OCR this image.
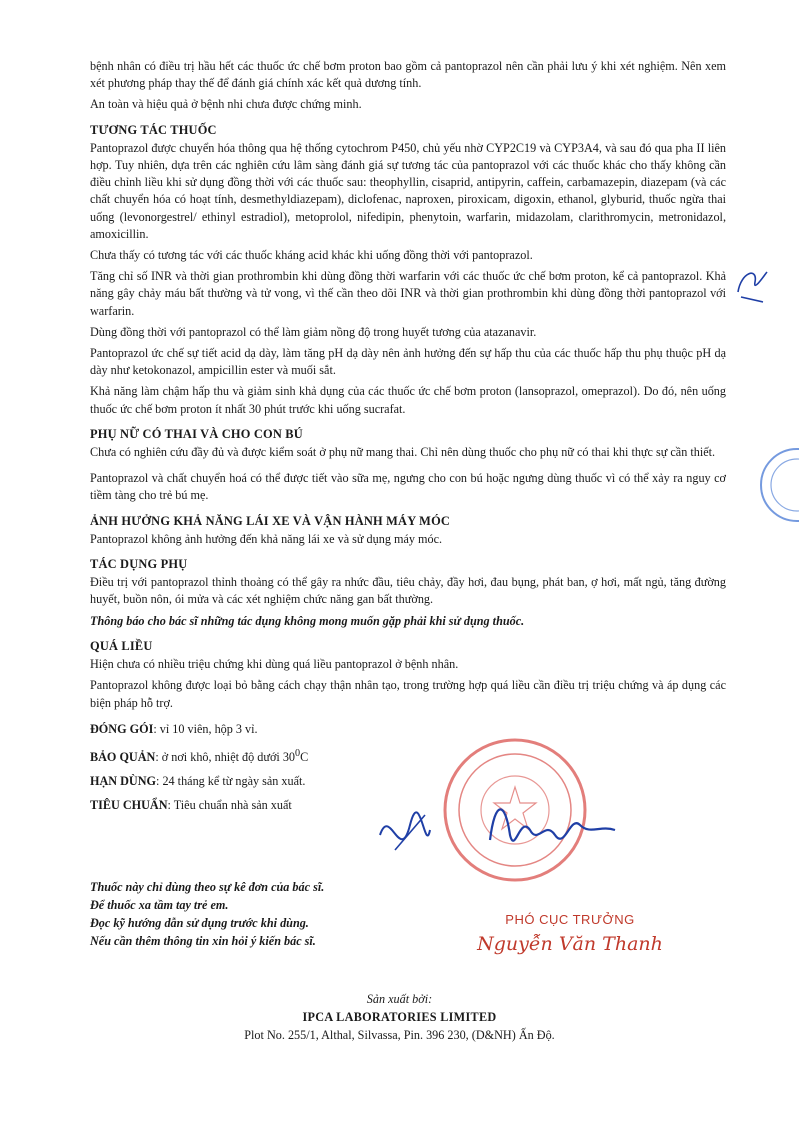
bệnh nhân có điều trị hầu hết các thuốc ức chế bơm proton bao gồm cả pantoprazol nên cần phải lưu ý khi xét nghiệm. Nên xem xét phương pháp thay thế để đánh giá chính xác kết quả dương tính.

An toàn và hiệu quả ở bệnh nhi chưa được chứng minh.

TƯƠNG TÁC THUỐC

Pantoprazol được chuyển hóa thông qua hệ thống cytochrom P450, chủ yếu nhờ CYP2C19 và CYP3A4, và sau đó qua pha II liên hợp. Tuy nhiên, dựa trên các nghiên cứu lâm sàng đánh giá sự tương tác của pantoprazol với các thuốc khác cho thấy không cần điều chỉnh liều khi sử dụng đồng thời với các thuốc sau: theophyllin, cisaprid, antipyrin, caffein, carbamazepin, diazepam (và các chất chuyển hóa có hoạt tính, desmethyldiazepam), diclofenac, naproxen, piroxicam, digoxin, ethanol, glyburid, thuốc ngừa thai uống (levonorgestrel/ ethinyl estradiol), metoprolol, nifedipin, phenytoin, warfarin, midazolam, clarithromycin, metronidazol, amoxicillin.

Chưa thấy có tương tác với các thuốc kháng acid khác khi uống đồng thời với pantoprazol.

Tăng chỉ số INR và thời gian prothrombin khi dùng đồng thời warfarin với các thuốc ức chế bơm proton, kể cả pantoprazol. Khả năng gây chảy máu bất thường và tử vong, vì thế cần theo dõi INR và thời gian prothrombin khi dùng đồng thời pantoprazol với warfarin.

Dùng đồng thời với pantoprazol có thể làm giảm nồng độ trong huyết tương của atazanavir.

Pantoprazol ức chế sự tiết acid dạ dày, làm tăng pH dạ dày nên ảnh hưởng đến sự hấp thu của các thuốc hấp thu phụ thuộc pH dạ dày như ketokonazol, ampicillin ester và muối sắt.

Khả năng làm chậm hấp thu và giảm sinh khả dụng của các thuốc ức chế bơm proton (lansoprazol, omeprazol). Do đó, nên uống thuốc ức chế bơm proton ít nhất 30 phút trước khi uống sucrafat.

PHỤ NỮ CÓ THAI VÀ CHO CON BÚ

Chưa có nghiên cứu đầy đủ và được kiểm soát ở phụ nữ mang thai. Chỉ nên dùng thuốc cho phụ nữ có thai khi thực sự cần thiết.

Pantoprazol và chất chuyển hoá có thể được tiết vào sữa mẹ, ngưng cho con bú hoặc ngưng dùng thuốc vì có thể xảy ra nguy cơ tiềm tàng cho trẻ bú mẹ.

ẢNH HƯỞNG KHẢ NĂNG LÁI XE VÀ VẬN HÀNH MÁY MÓC

Pantoprazol không ảnh hưởng đến khả năng lái xe và sử dụng máy móc.

TÁC DỤNG PHỤ

Điều trị với pantoprazol thỉnh thoảng có thể gây ra nhức đầu, tiêu chảy, đầy hơi, đau bụng, phát ban, ợ hơi, mất ngủ, tăng đường huyết, buồn nôn, ói mửa và các xét nghiệm chức năng gan bất thường.

Thông báo cho bác sĩ những tác dụng không mong muốn gặp phải khi sử dụng thuốc.

QUÁ LIỀU

Hiện chưa có nhiều triệu chứng khi dùng quá liều pantoprazol ở bệnh nhân.

Pantoprazol không được loại bỏ bằng cách chạy thận nhân tạo, trong trường hợp quá liều cần điều trị triệu chứng và áp dụng các biện pháp hỗ trợ.

ĐÓNG GÓI: vỉ 10 viên, hộp 3 vỉ.
BẢO QUẢN: ở nơi khô, nhiệt độ dưới $30^0C$
HẠN DÙNG: 24 tháng kể từ ngày sản xuất.
TIÊU CHUẨN: Tiêu chuẩn nhà sản xuất
Thuốc này chỉ dùng theo sự kê đơn của bác sĩ.
Để thuốc xa tầm tay trẻ em.
Đọc kỹ hướng dẫn sử dụng trước khi dùng.
Nếu cần thêm thông tin xin hỏi ý kiến bác sĩ.
PHÓ CỤC TRƯỞNG
Nguyễn Văn Thanh
Sản xuất bởi:
IPCA LABORATORIES LIMITED
Plot No. 255/1, Althal, Silvassa, Pin. 396 230, (D&NH) Ấn Độ.
